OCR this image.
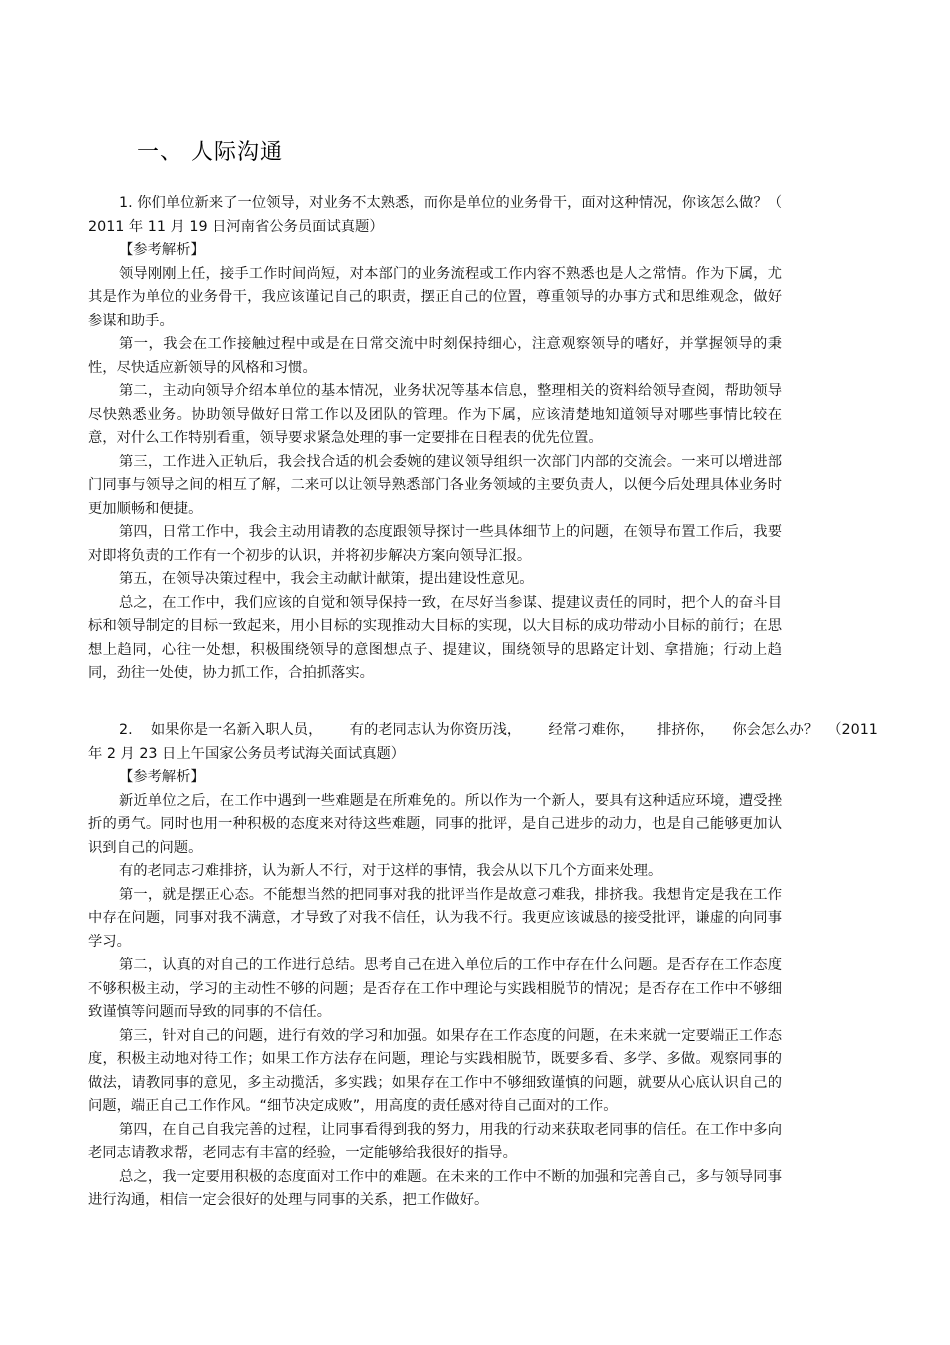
一、 人际沟通

1. 你们单位新来了一位领导，对业务不太熟悉，而你是单位的业务骨干，面对这种情况，你该怎么做？（ 2011 年 11 月 19 日河南省公务员面试真题）

【参考解析】

领导刚刚上任，接手工作时间尚短，对本部门的业务流程或工作内容不熟悉也是人之常情。作为下属，尤其是作为单位的业务骨干，我应该谨记自己的职责，摆正自己的位置，尊重领导的办事方式和思维观念，做好参谋和助手。

第一，我会在工作接触过程中或是在日常交流中时刻保持细心，注意观察领导的嗜好，并掌握领导的秉性，尽快适应新领导的风格和习惯。

第二，主动向领导介绍本单位的基本情况，业务状况等基本信息，整理相关的资料给领导查阅，帮助领导尽快熟悉业务。协助领导做好日常工作以及团队的管理。作为下属，应该清楚地知道领导对哪些事情比较在意，对什么工作特别看重，领导要求紧急处理的事一定要排在日程表的优先位置。

第三，工作进入正轨后，我会找合适的机会委婉的建议领导组织一次部门内部的交流会。一来可以增进部门同事与领导之间的相互了解，二来可以让领导熟悉部门各业务领域的主要负责人，以便今后处理具体业务时更加顺畅和便捷。

第四，日常工作中，我会主动用请教的态度跟领导探讨一些具体细节上的问题，在领导布置工作后，我要对即将负责的工作有一个初步的认识，并将初步解决方案向领导汇报。

第五，在领导决策过程中，我会主动献计献策，提出建设性意见。

总之，在工作中，我们应该的自觉和领导保持一致，在尽好当参谋、提建议责任的同时，把个人的奋斗目标和领导制定的目标一致起来，用小目标的实现推动大目标的实现，以大目标的成功带动小目标的前行；在思想上趋同，心往一处想，积极围绕领导的意图想点子、提建议，围绕领导的思路定计划、拿措施；行动上趋同，劲往一处使，协力抓工作，合拍抓落实。

2.    如果你是一名新入职人员，      有的老同志认为你资历浅，      经常刁难你，     排挤你，    你会怎么办？  （2011

年 2 月 23 日上午国家公务员考试海关面试真题）

【参考解析】

新近单位之后，在工作中遇到一些难题是在所难免的。所以作为一个新人，要具有这种适应环境，遭受挫折的勇气。同时也用一种积极的态度来对待这些难题，同事的批评，是自己进步的动力，也是自己能够更加认识到自己的问题。

有的老同志刁难排挤，认为新人不行，对于这样的事情，我会从以下几个方面来处理。

第一，就是摆正心态。不能想当然的把同事对我的批评当作是故意刁难我，排挤我。我想肯定是我在工作中存在问题，同事对我不满意，才导致了对我不信任，认为我不行。我更应该诚恳的接受批评，谦虚的向同事学习。

第二，认真的对自己的工作进行总结。思考自己在进入单位后的工作中存在什么问题。是否存在工作态度不够积极主动，学习的主动性不够的问题；是否存在工作中理论与实践相脱节的情况；是否存在工作中不够细致谨慎等问题而导致的同事的不信任。

第三，针对自己的问题，进行有效的学习和加强。如果存在工作态度的问题，在未来就一定要端正工作态度，积极主动地对待工作；如果工作方法存在问题，理论与实践相脱节，既要多看、多学、多做。观察同事的做法，请教同事的意见，多主动揽活，多实践；如果存在工作中不够细致谨慎的问题，就要从心底认识自己的问题，端正自己工作作风。“细节决定成败”，用高度的责任感对待自己面对的工作。

第四，在自己自我完善的过程，让同事看得到我的努力，用我的行动来获取老同事的信任。在工作中多向老同志请教求帮，老同志有丰富的经验，一定能够给我很好的指导。

总之，我一定要用积极的态度面对工作中的难题。在未来的工作中不断的加强和完善自己，多与领导同事进行沟通，相信一定会很好的处理与同事的关系，把工作做好。
